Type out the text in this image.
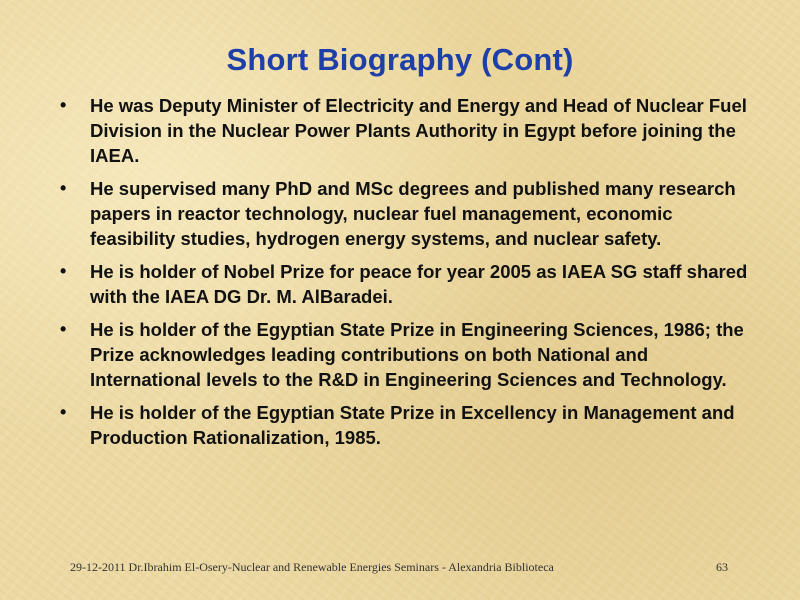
Short Biography (Cont)
• He was Deputy Minister of Electricity and Energy and Head of Nuclear Fuel Division in the Nuclear Power Plants Authority in Egypt before joining the IAEA.
• He supervised many PhD and MSc degrees and published many research papers in reactor technology, nuclear fuel management, economic feasibility studies, hydrogen energy systems, and nuclear safety.
• He is holder of Nobel Prize for peace for year 2005 as IAEA SG staff shared with the IAEA DG Dr. M. AlBaradei.
• He is holder of the Egyptian State Prize in Engineering Sciences, 1986; the Prize acknowledges leading contributions on both National and International levels to the R&D in Engineering Sciences and Technology.
• He is holder of the Egyptian State Prize in Excellency in Management and Production Rationalization, 1985.
29-12-2011 Dr.Ibrahim El-Osery-Nuclear and Renewable Energies Seminars - Alexandria Biblioteca	63
